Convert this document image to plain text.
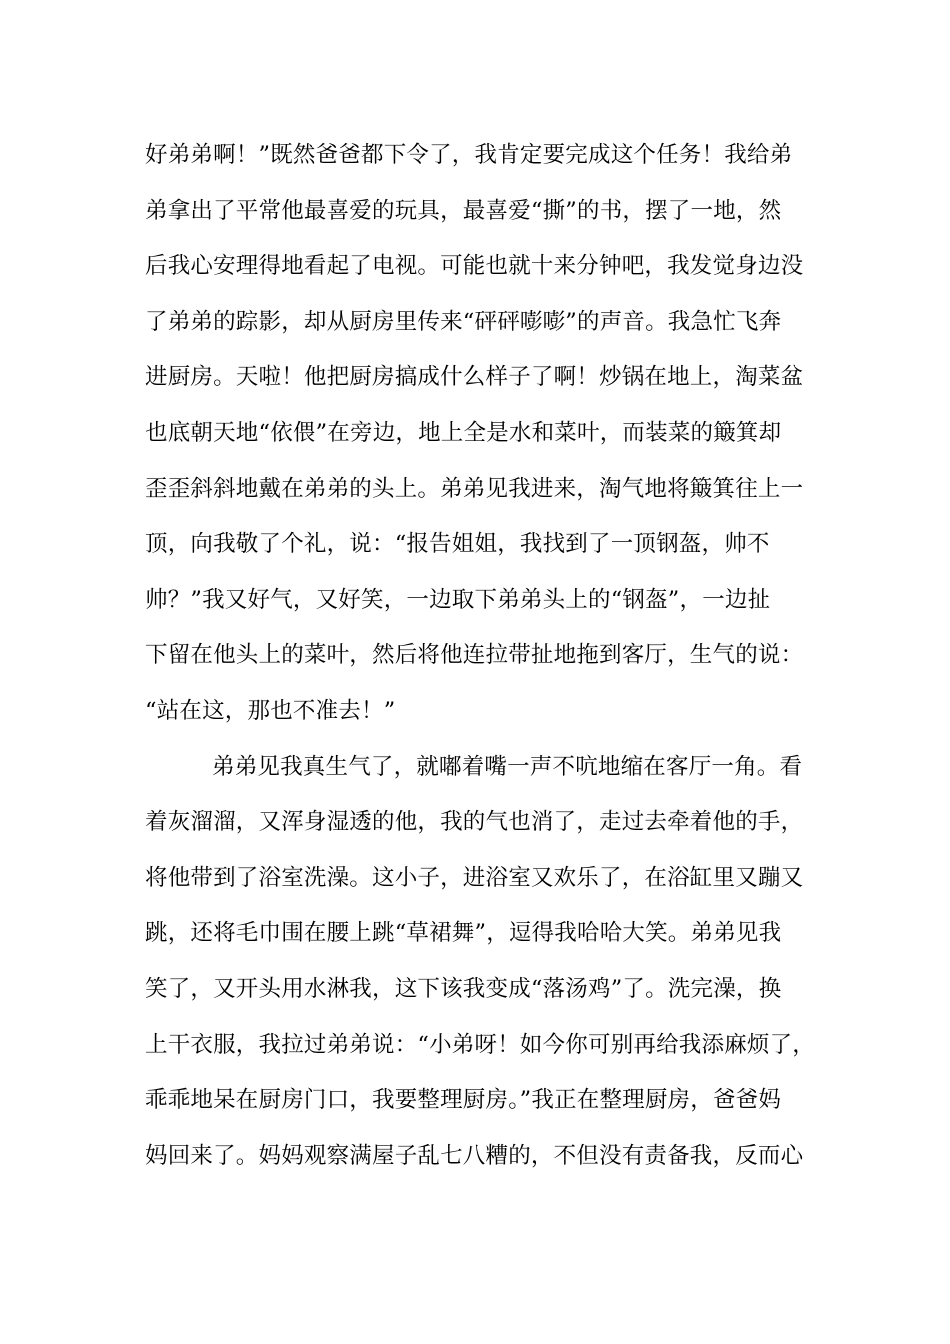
好弟弟啊！”既然爸爸都下令了，我肯定要完成这个任务！我给弟
弟拿出了平常他最喜爱的玩具，最喜爱“撕”的书，摆了一地，然
后我心安理得地看起了电视。可能也就十来分钟吧，我发觉身边没
了弟弟的踪影，却从厨房里传来“砰砰嘭嘭”的声音。我急忙飞奔
进厨房。天啦！他把厨房搞成什么样子了啊！炒锅在地上，淘菜盆
也底朝天地“依偎”在旁边，地上全是水和菜叶，而装菜的簸箕却
歪歪斜斜地戴在弟弟的头上。弟弟见我进来，淘气地将簸箕往上一
顶，向我敬了个礼，说：“报告姐姐，我找到了一顶钢盔，帅不
帅？”我又好气，又好笑，一边取下弟弟头上的“钢盔”，一边扯
下留在他头上的菜叶，然后将他连拉带扯地拖到客厅，生气的说：
“站在这，那也不准去！”
弟弟见我真生气了，就嘟着嘴一声不吭地缩在客厅一角。看
着灰溜溜，又浑身湿透的他，我的气也消了，走过去牵着他的手，
将他带到了浴室洗澡。这小子，进浴室又欢乐了，在浴缸里又蹦又
跳，还将毛巾围在腰上跳“草裙舞”，逗得我哈哈大笑。弟弟见我
笑了，又开头用水淋我，这下该我变成“落汤鸡”了。洗完澡，换
上干衣服，我拉过弟弟说：“小弟呀！如今你可别再给我添麻烦了，
乖乖地呆在厨房门口，我要整理厨房。”我正在整理厨房，爸爸妈
妈回来了。妈妈观察满屋子乱七八糟的，不但没有责备我，反而心
